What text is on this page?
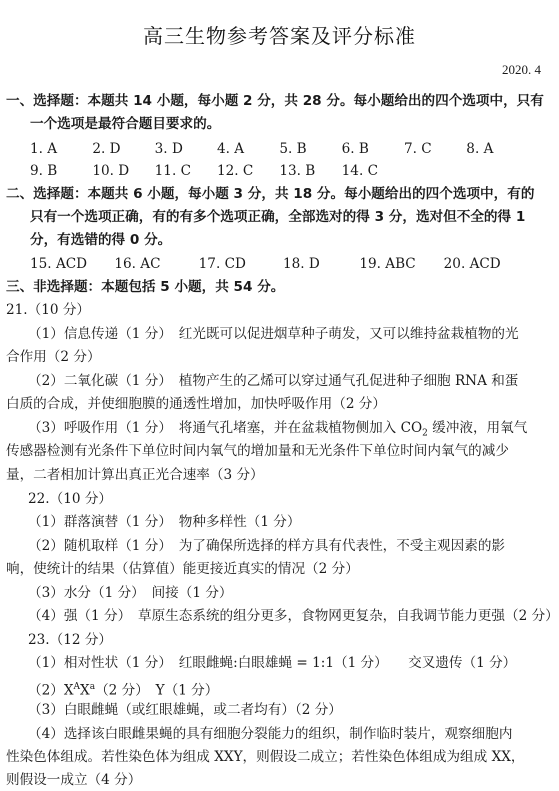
高三生物参考答案及评分标准
2020. 4
一、选择题：本题共 14 小题，每小题 2 分，共 28 分。每小题给出的四个选项中，只有
一个选项是最符合题目要求的。
1. A	2. D	3. D	4. A	5. B	6. B	7. C	8. A
9. B	10. D 11. C 12. C 13. B 14. C
二、选择题：本题共 6 小题，每小题 3 分，共 18 分。每小题给出的四个选项中，有的
只有一个选项正确，有的有多个选项正确，全部选对的得 3 分，选对但不全的得 1
分，有选错的得 0 分。
15. ACD 16. AC	17. CD	18. D	19. ABC 20. ACD
三、非选择题：本题包括 5 小题，共 54 分。
21.（10 分）
（1）信息传递（1 分）　红光既可以促进烟草种子萌发，又可以维持盆栽植物的光
合作用（2 分）
（2）二氧化碳（1 分）　植物产生的乙烯可以穿过通气孔促进种子细胞 RNA 和蛋
白质的合成，并使细胞膜的通透性增加，加快呼吸作用（2 分）
（3）呼吸作用（1 分）　将通气孔堵塞，并在盆栽植物侧加入 $CO_2$ 缓冲液，用氧气
传感器检测有光条件下单位时间内氧气的增加量和无光条件下单位时间内氧气的减少
量，二者相加计算出真正光合速率（3 分）
22.（10 分）
（1）群落演替（1 分）　物种多样性（1 分）
（2）随机取样（1 分）　为了确保所选择的样方具有代表性，不受主观因素的影
响，使统计的结果（估算值）能更接近真实的情况（2 分）
（3）水分（1 分）　间接（1 分）
（4）强（1 分）　草原生态系统的组分更多，食物网更复杂，自我调节能力更强（2 分）
23.（12 分）
（1）相对性状（1 分）　红眼雌蝇:白眼雄蝇 = 1:1（1 分）　　交叉遗传（1 分）
$(2)X^AX^a(2$ 分）　Y（1 分）
（3）白眼雌蝇（或红眼雄蝇，或二者均有）（2 分）
（4）选择该白眼雌果蝇的具有细胞分裂能力的组织，制作临时装片，观察细胞内
性染色体组成。若性染色体为组成 XXY，则假设二成立；若性染色体组成为组成 XX，
则假设一成立（4 分）
